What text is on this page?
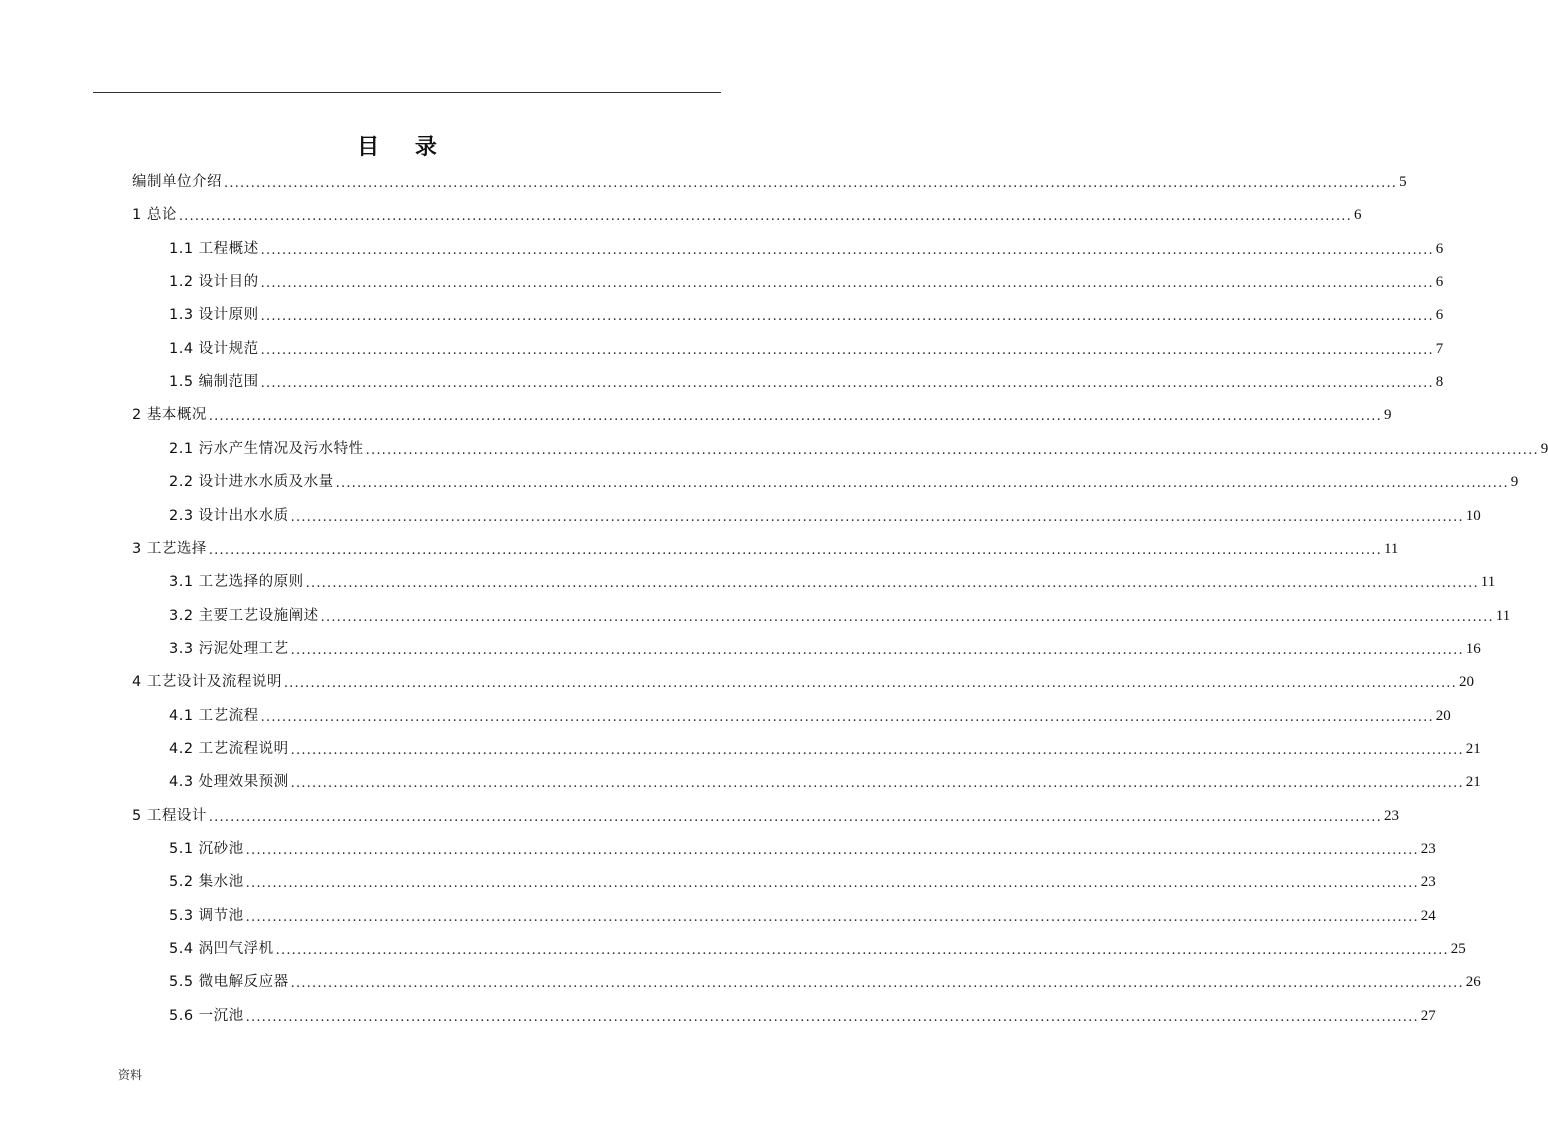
目 录
编制单位介绍 ............................................................................................................................................................................................................................ 5
1 总论 ............................................................................................................................................................................................................................ 6
1.1 工程概述 ............................................................................................................................................................................................................................ 6
1.2 设计目的 ............................................................................................................................................................................................................................ 6
1.3 设计原则 ............................................................................................................................................................................................................................ 6
1.4 设计规范 ............................................................................................................................................................................................................................ 7
1.5 编制范围 ............................................................................................................................................................................................................................ 8
2 基本概况 ............................................................................................................................................................................................................................ 9
2.1 污水产生情况及污水特性 ............................................................................................................................................................................................................................ 9
2.2 设计进水水质及水量 ............................................................................................................................................................................................................................ 9
2.3 设计出水水质 ............................................................................................................................................................................................................................ 10
3 工艺选择 ............................................................................................................................................................................................................................ 11
3.1 工艺选择的原则 ............................................................................................................................................................................................................................ 11
3.2 主要工艺设施阐述 ............................................................................................................................................................................................................................ 11
3.3 污泥处理工艺 ............................................................................................................................................................................................................................ 16
4 工艺设计及流程说明 ............................................................................................................................................................................................................................ 20
4.1 工艺流程 ............................................................................................................................................................................................................................ 20
4.2 工艺流程说明 ............................................................................................................................................................................................................................ 21
4.3 处理效果预测 ............................................................................................................................................................................................................................ 21
5 工程设计 ............................................................................................................................................................................................................................ 23
5.1 沉砂池 ............................................................................................................................................................................................................................ 23
5.2 集水池 ............................................................................................................................................................................................................................ 23
5.3 调节池 ............................................................................................................................................................................................................................ 24
5.4 涡凹气浮机 ............................................................................................................................................................................................................................ 25
5.5 微电解反应器 ............................................................................................................................................................................................................................ 26
5.6 一沉池 ............................................................................................................................................................................................................................ 27
资料
